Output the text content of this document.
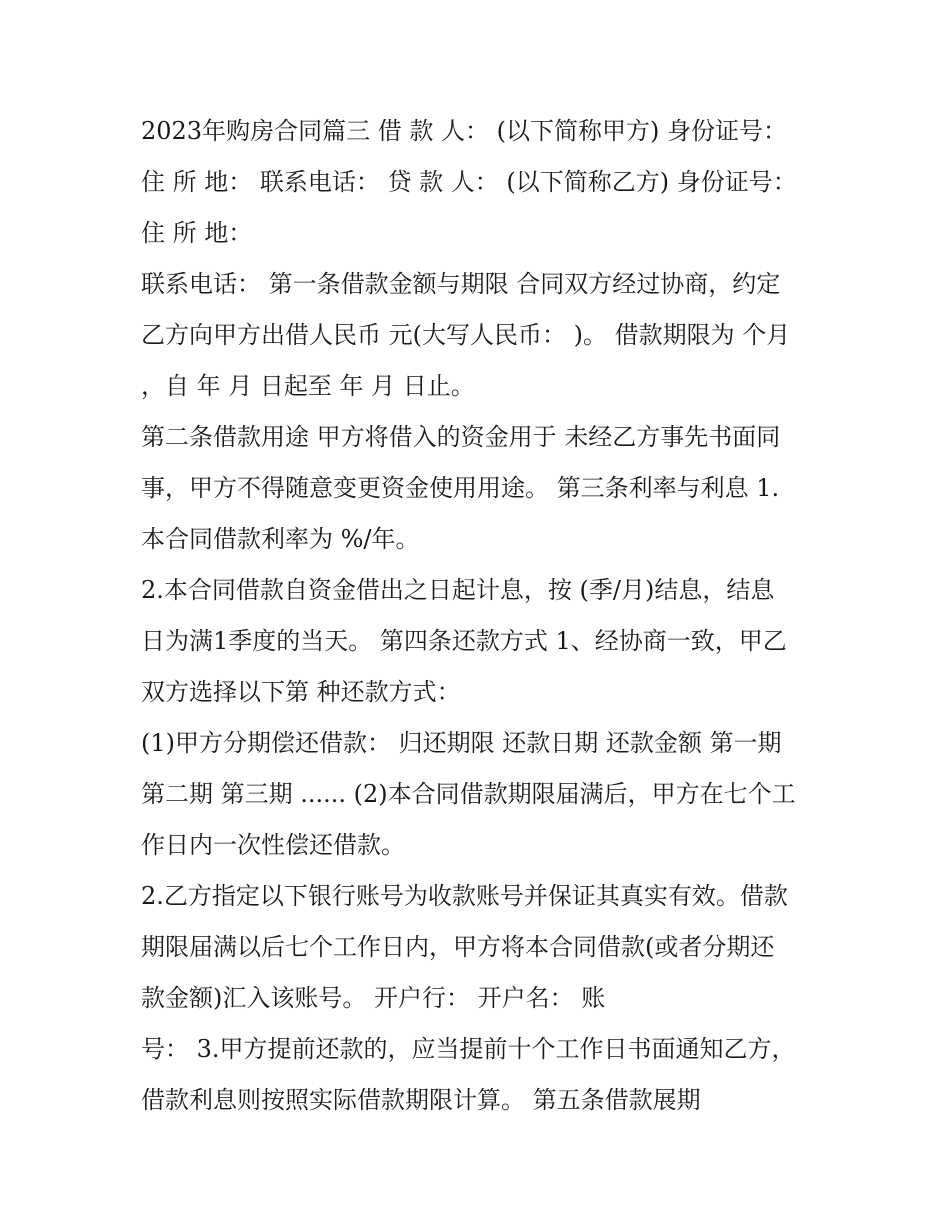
2023年购房合同篇三 借 款 人： (以下简称甲方) 身份证号：
住 所 地： 联系电话： 贷 款 人： (以下简称乙方) 身份证号：
住 所 地：

联系电话： 第一条借款金额与期限 合同双方经过协商，约定
乙方向甲方出借人民币 元(大写人民币： )。 借款期限为 个月
，自 年 月 日起至 年 月 日止。

第二条借款用途 甲方将借入的资金用于 未经乙方事先书面同
事，甲方不得随意变更资金使用用途。 第三条利率与利息 1.
本合同借款利率为 %/年。

2.本合同借款自资金借出之日起计息，按 (季/月)结息，结息
日为满1季度的当天。 第四条还款方式 1、经协商一致，甲乙
双方选择以下第 种还款方式：

(1)甲方分期偿还借款： 归还期限 还款日期 还款金额 第一期
第二期 第三期 ...... (2)本合同借款期限届满后，甲方在七个工
作日内一次性偿还借款。

2.乙方指定以下银行账号为收款账号并保证其真实有效。借款
期限届满以后七个工作日内，甲方将本合同借款(或者分期还
款金额)汇入该账号。 开户行： 开户名： 账

号： 3.甲方提前还款的，应当提前十个工作日书面通知乙方，
借款利息则按照实际借款期限计算。 第五条借款展期
